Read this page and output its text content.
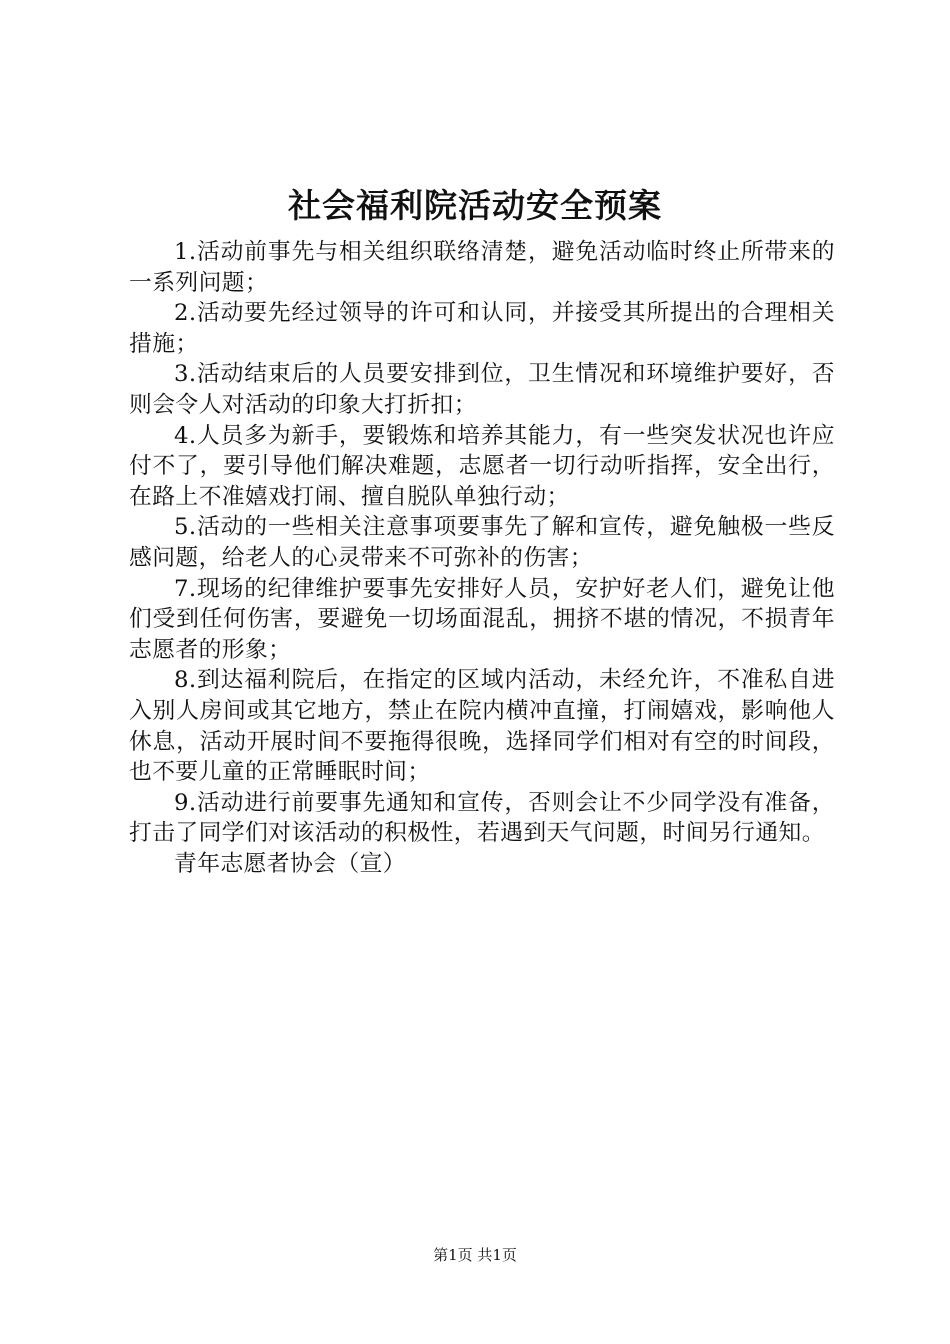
社会福利院活动安全预案

1.活动前事先与相关组织联络清楚，避免活动临时终止所带来的一系列问题；

2.活动要先经过领导的许可和认同，并接受其所提出的合理相关措施；

3.活动结束后的人员要安排到位，卫生情况和环境维护要好，否则会令人对活动的印象大打折扣；

4.人员多为新手，要锻炼和培养其能力，有一些突发状况也许应付不了，要引导他们解决难题，志愿者一切行动听指挥，安全出行，在路上不准嬉戏打闹、擅自脱队单独行动；

5.活动的一些相关注意事项要事先了解和宣传，避免触极一些反感问题，给老人的心灵带来不可弥补的伤害；

7.现场的纪律维护要事先安排好人员，安护好老人们，避免让他们受到任何伤害，要避免一切场面混乱，拥挤不堪的情况，不损青年志愿者的形象；

8.到达福利院后，在指定的区域内活动，未经允许，不准私自进入别人房间或其它地方，禁止在院内横冲直撞，打闹嬉戏，影响他人休息，活动开展时间不要拖得很晚，选择同学们相对有空的时间段，也不要儿童的正常睡眠时间；

9.活动进行前要事先通知和宣传，否则会让不少同学没有准备，打击了同学们对该活动的积极性，若遇到天气问题，时间另行通知。

青年志愿者协会（宣）

第1页 共1页
